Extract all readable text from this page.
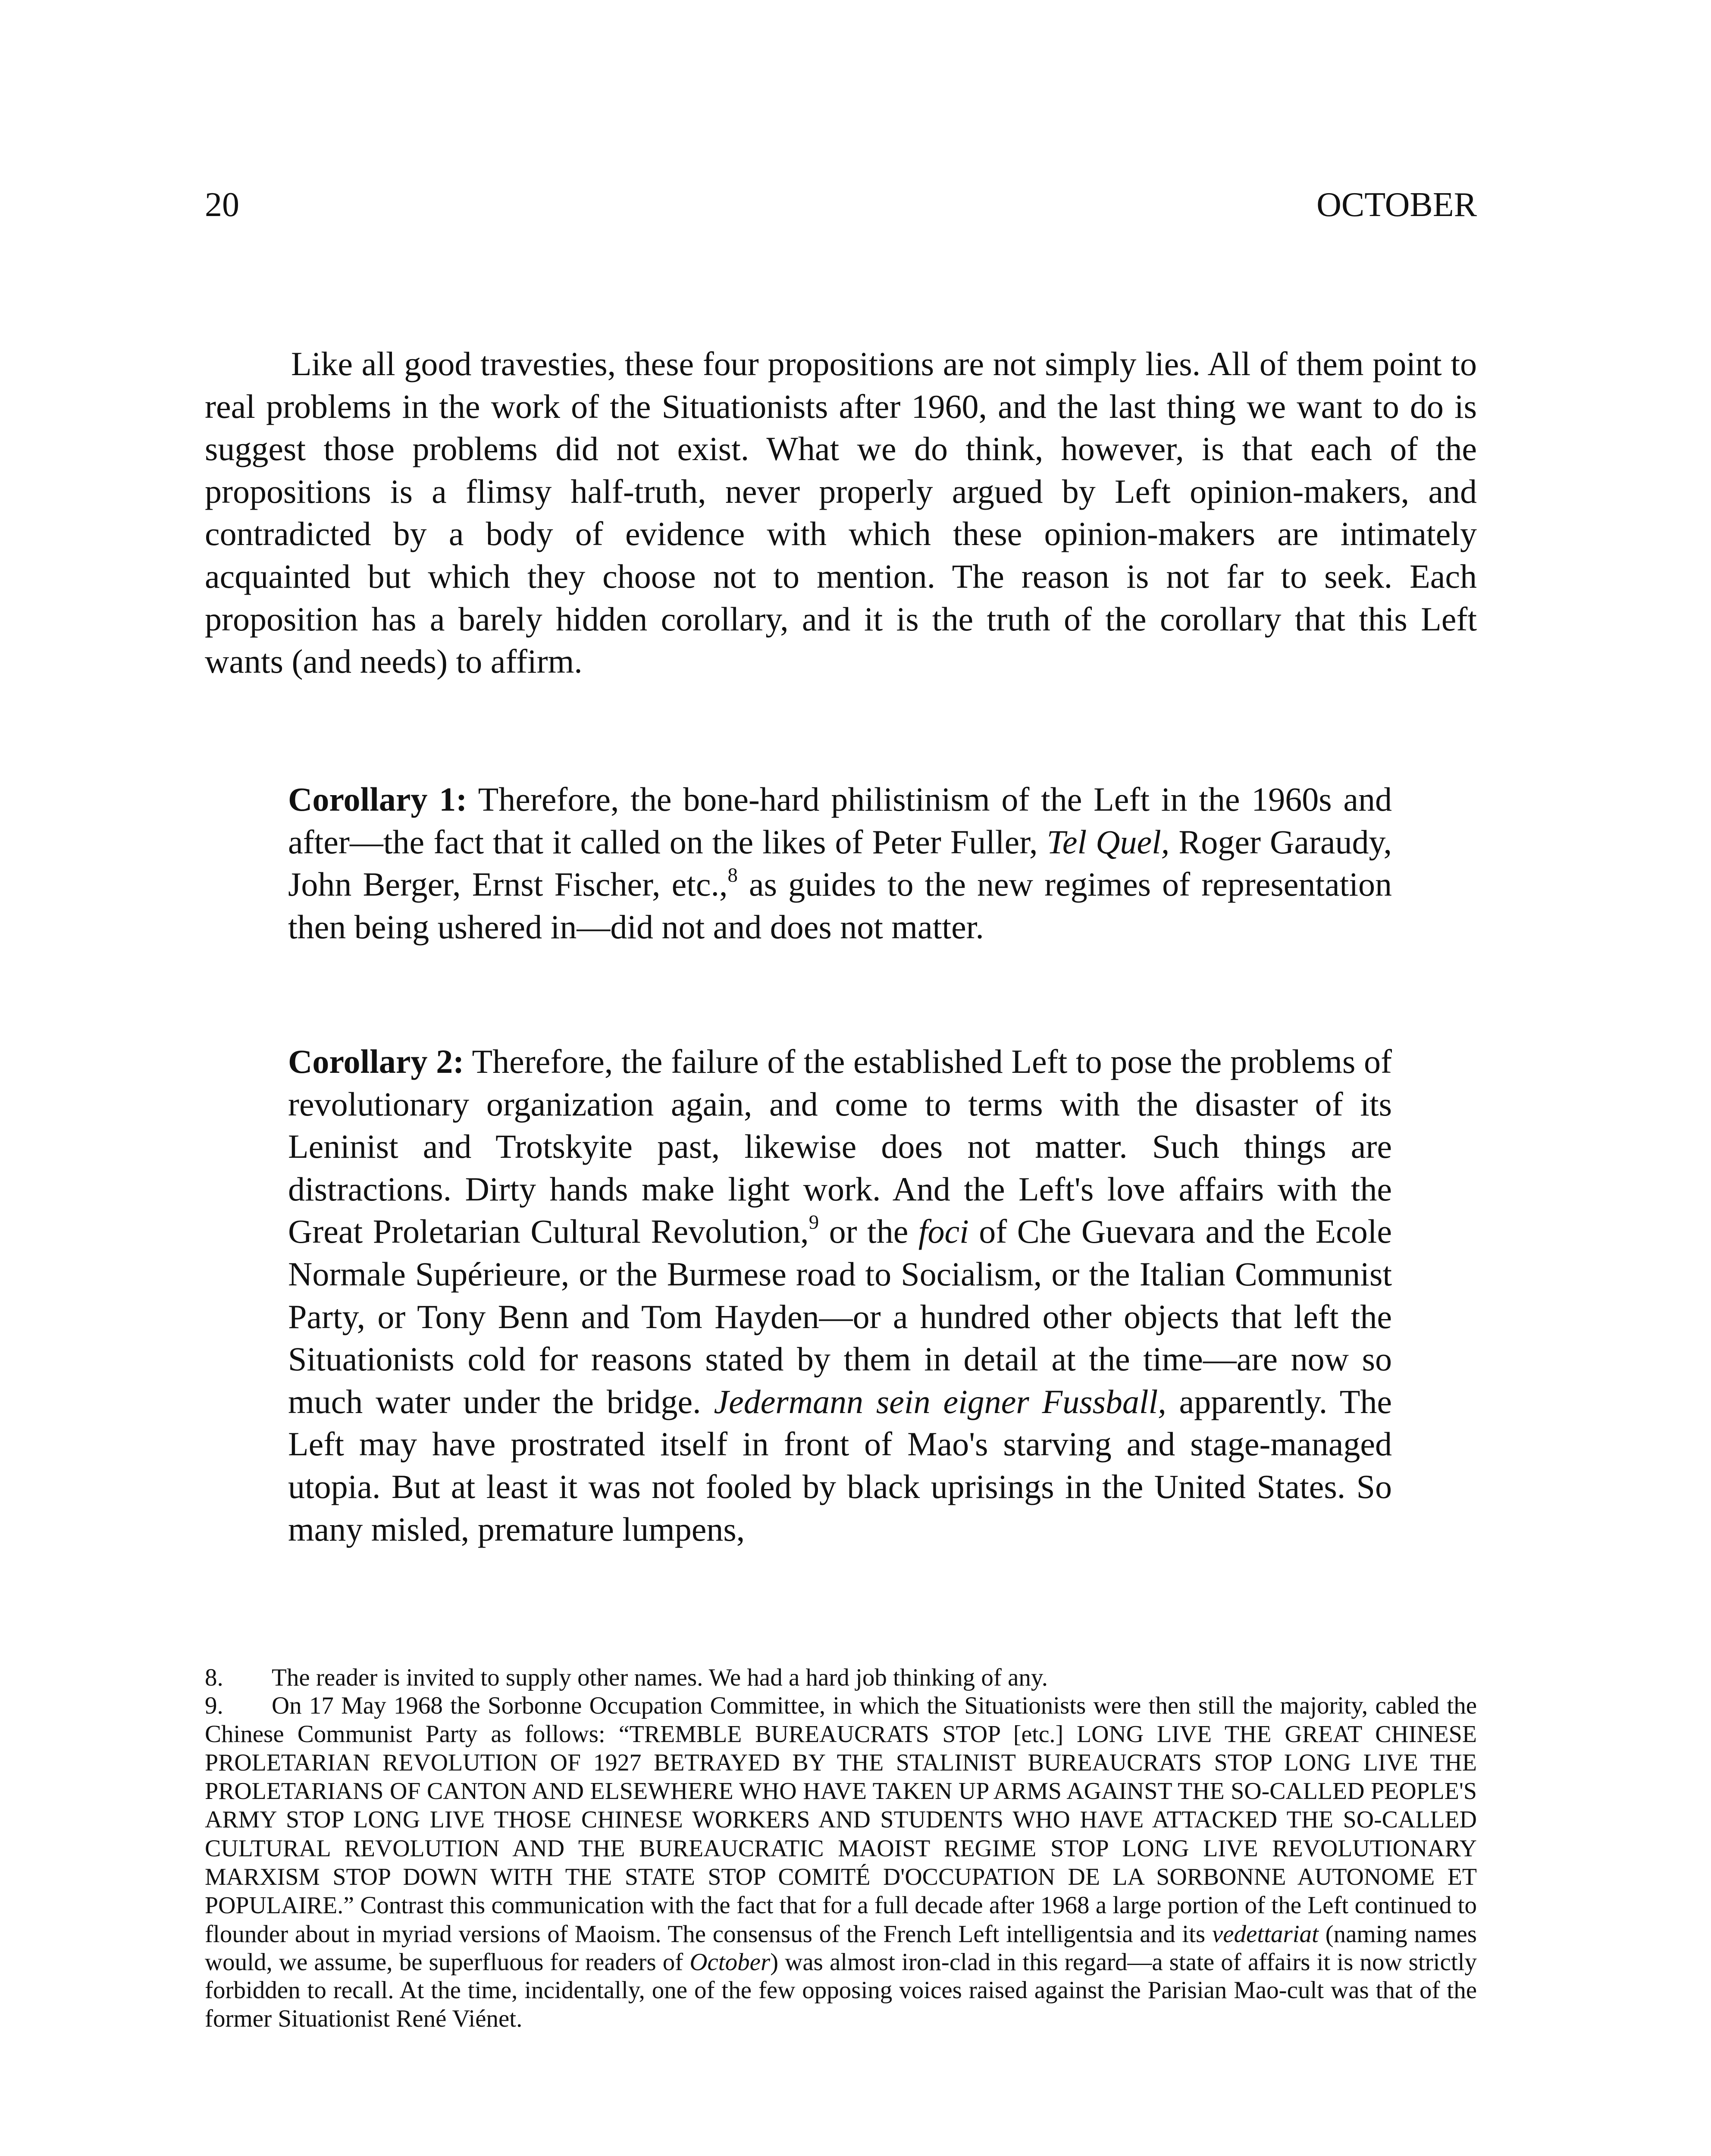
20	OCTOBER

Like all good travesties, these four propositions are not simply lies. All of them point to real problems in the work of the Situationists after 1960, and the last thing we want to do is suggest those problems did not exist. What we do think, however, is that each of the propositions is a flimsy half-truth, never properly argued by Left opinion-makers, and contradicted by a body of evidence with which these opinion-makers are intimately acquainted but which they choose not to mention. The reason is not far to seek. Each proposition has a barely hidden corollary, and it is the truth of the corollary that this Left wants (and needs) to affirm.

Corollary 1: Therefore, the bone-hard philistinism of the Left in the 1960s and after—the fact that it called on the likes of Peter Fuller, Tel Quel, Roger Garaudy, John Berger, Ernst Fischer, etc.,$^8$ as guides to the new regimes of representation then being ushered in—did not and does not matter.

Corollary 2: Therefore, the failure of the established Left to pose the problems of revolutionary organization again, and come to terms with the disaster of its Leninist and Trotskyite past, likewise does not matter. Such things are distractions. Dirty hands make light work. And the Left's love affairs with the Great Proletarian Cultural Revolution,$^9$ or the foci of Che Guevara and the Ecole Normale Supérieure, or the Burmese road to Socialism, or the Italian Communist Party, or Tony Benn and Tom Hayden—or a hundred other objects that left the Situationists cold for reasons stated by them in detail at the time—are now so much water under the bridge. Jedermann sein eigner Fussball, apparently. The Left may have prostrated itself in front of Mao's starving and stage-managed utopia. But at least it was not fooled by black uprisings in the United States. So many misled, premature lumpens,

8. The reader is invited to supply other names. We had a hard job thinking of any.

9. On 17 May 1968 the Sorbonne Occupation Committee, in which the Situationists were then still the majority, cabled the Chinese Communist Party as follows: “TREMBLE BUREAUCRATS STOP [etc.] LONG LIVE THE GREAT CHINESE PROLETARIAN REVOLUTION OF 1927 BETRAYED BY THE STALINIST BUREAUCRATS STOP LONG LIVE THE PROLETARIANS OF CANTON AND ELSEWHERE WHO HAVE TAKEN UP ARMS AGAINST THE SO-CALLED PEOPLE'S ARMY STOP LONG LIVE THOSE CHINESE WORKERS AND STUDENTS WHO HAVE ATTACKED THE SO-CALLED CULTURAL REVOLUTION AND THE BUREAUCRATIC MAOIST REGIME STOP LONG LIVE REVOLUTIONARY MARXISM STOP DOWN WITH THE STATE STOP COMITÉ D'OCCUPATION DE LA SORBONNE AUTONOME ET POPULAIRE.” Contrast this communication with the fact that for a full decade after 1968 a large portion of the Left continued to flounder about in myriad versions of Maoism. The consensus of the French Left intelligentsia and its vedettariat (naming names would, we assume, be superfluous for readers of October) was almost iron-clad in this regard—a state of affairs it is now strictly forbidden to recall. At the time, incidentally, one of the few opposing voices raised against the Parisian Mao-cult was that of the former Situationist René Viénet.
